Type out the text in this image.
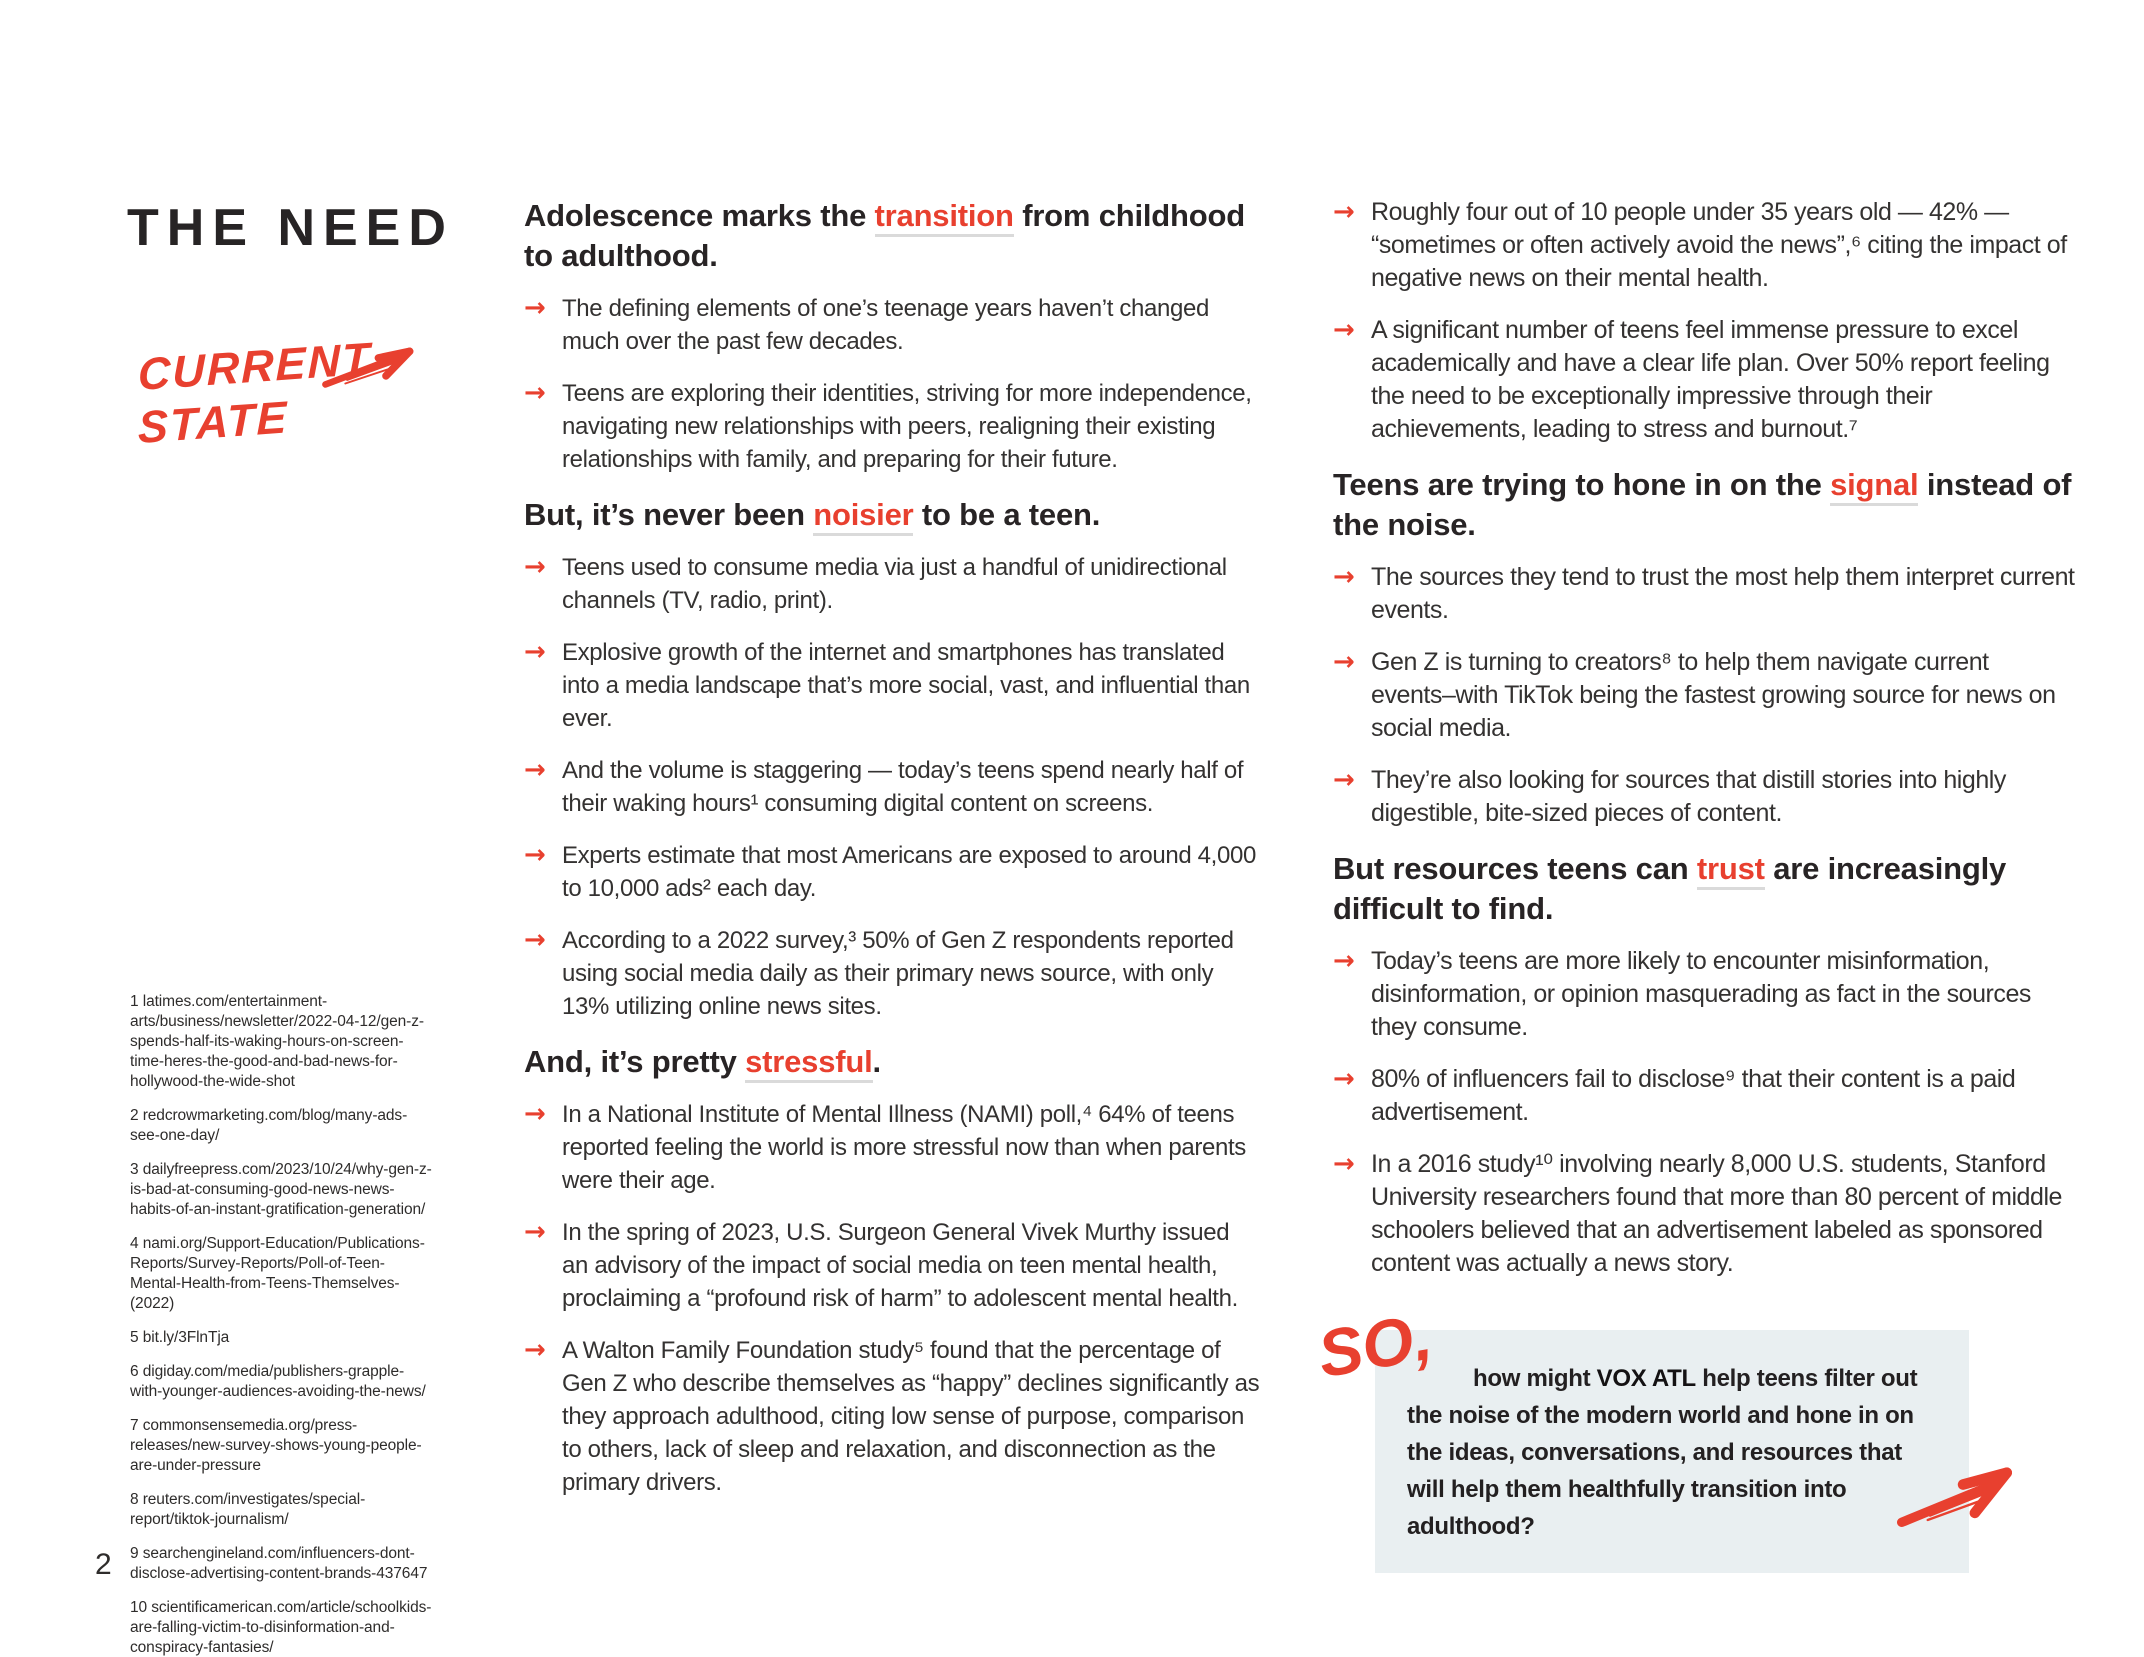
THE NEED
CURRENT
STATE
1 latimes.com/entertainment-arts/business/newsletter/2022-04-12/gen-z-spends-half-its-waking-hours-on-screen-time-heres-the-good-and-bad-news-for-hollywood-the-wide-shot
2 redcrowmarketing.com/blog/many-ads-see-one-day/
3 dailyfreepress.com/2023/10/24/why-gen-z-is-bad-at-consuming-good-news-news-habits-of-an-instant-gratification-generation/
4 nami.org/Support-Education/Publications-Reports/Survey-Reports/Poll-of-Teen-Mental-Health-from-Teens-Themselves-(2022)
5 bit.ly/3FlnTja
6 digiday.com/media/publishers-grapple-with-younger-audiences-avoiding-the-news/
7 commonsensemedia.org/press-releases/new-survey-shows-young-people-are-under-pressure
8 reuters.com/investigates/special-report/tiktok-journalism/
9 searchengineland.com/influencers-dont-disclose-advertising-content-brands-437647
10 scientificamerican.com/article/schoolkids-are-falling-victim-to-disinformation-and-conspiracy-fantasies/
2
Adolescence marks the transition from childhood to adulthood.
→ The defining elements of one’s teenage years haven’t changed much over the past few decades.
→ Teens are exploring their identities, striving for more independence, navigating new relationships with peers, realigning their existing relationships with family, and preparing for their future.
But, it’s never been noisier to be a teen.
→ Teens used to consume media via just a handful of unidirectional channels (TV, radio, print).
→ Explosive growth of the internet and smartphones has translated into a media landscape that’s more social, vast, and influential than ever.
→ And the volume is staggering — today’s teens spend nearly half of their waking hours¹ consuming digital content on screens.
→ Experts estimate that most Americans are exposed to around 4,000 to 10,000 ads² each day.
→ According to a 2022 survey,³ 50% of Gen Z respondents reported using social media daily as their primary news source, with only 13% utilizing online news sites.
And, it’s pretty stressful.
→ In a National Institute of Mental Illness (NAMI) poll,⁴ 64% of teens reported feeling the world is more stressful now than when parents were their age.
→ In the spring of 2023, U.S. Surgeon General Vivek Murthy issued an advisory of the impact of social media on teen mental health, proclaiming a “profound risk of harm” to adolescent mental health.
→ A Walton Family Foundation study⁵ found that the percentage of Gen Z who describe themselves as “happy” declines significantly as they approach adulthood, citing low sense of purpose, comparison to others, lack of sleep and relaxation, and disconnection as the primary drivers.
→ Roughly four out of 10 people under 35 years old — 42% — “sometimes or often actively avoid the news”,⁶ citing the impact of negative news on their mental health.
→ A significant number of teens feel immense pressure to excel academically and have a clear life plan. Over 50% report feeling the need to be exceptionally impressive through their achievements, leading to stress and burnout.⁷
Teens are trying to hone in on the signal instead of the noise.
→ The sources they tend to trust the most help them interpret current events.
→ Gen Z is turning to creators⁸ to help them navigate current events–with TikTok being the fastest growing source for news on social media.
→ They’re also looking for sources that distill stories into highly digestible, bite-sized pieces of content.
But resources teens can trust are increasingly difficult to find.
→ Today’s teens are more likely to encounter misinformation, disinformation, or opinion masquerading as fact in the sources they consume.
→ 80% of influencers fail to disclose⁹ that their content is a paid advertisement.
→ In a 2016 study¹⁰ involving nearly 8,000 U.S. students, Stanford University researchers found that more than 80 percent of middle schoolers believed that an advertisement labeled as sponsored content was actually a news story.

how might VOX ATL help teens filter out the noise of the modern world and hone in on the ideas, conversations, and resources that will help them healthfully transition into adulthood?

SO,
